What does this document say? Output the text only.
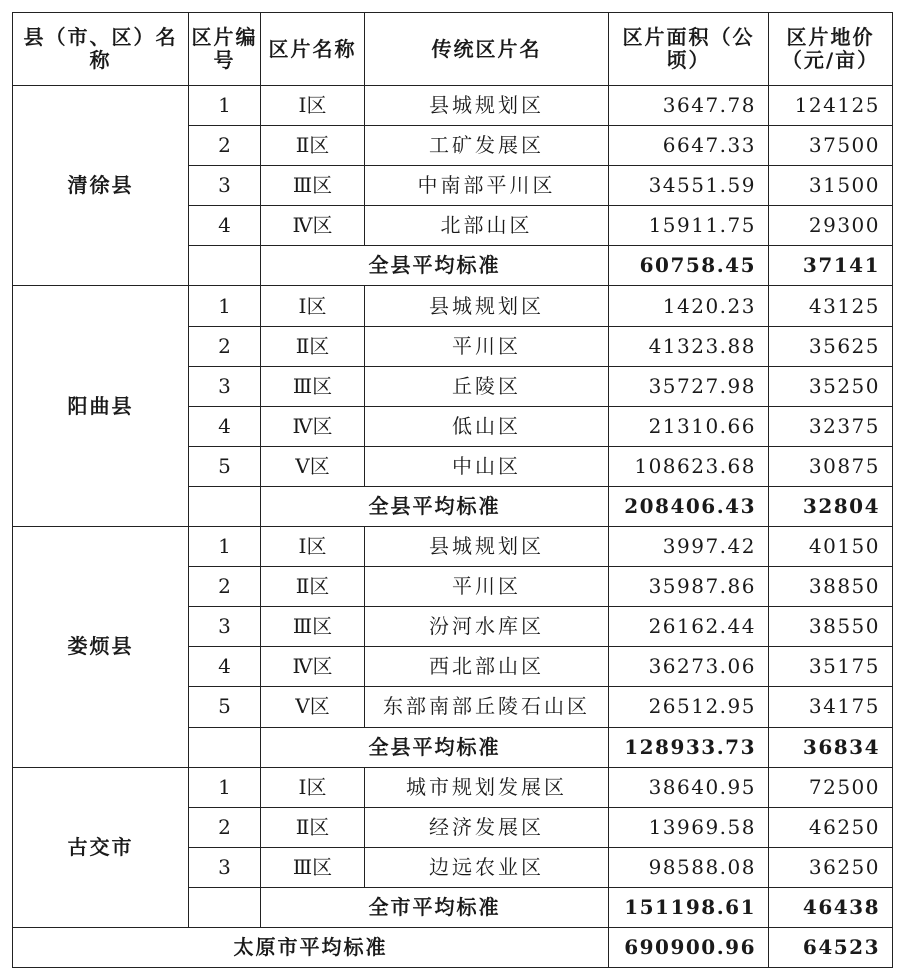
县（市、区）名称	区片编号	区片名称	传统区片名	区片面积（公顷）	区片地价（元/亩）
清徐县	1	Ⅰ区	县城规划区	3647.78	124125
	2	Ⅱ区	工矿发展区	6647.33	37500
	3	Ⅲ区	中南部平川区	34551.59	31500
	4	Ⅳ区	北部山区	15911.75	29300
		全县平均标准		60758.45	37141
阳曲县	1	Ⅰ区	县城规划区	1420.23	43125
	2	Ⅱ区	平川区	41323.88	35625
	3	Ⅲ区	丘陵区	35727.98	35250
	4	Ⅳ区	低山区	21310.66	32375
	5	Ⅴ区	中山区	108623.68	30875
		全县平均标准		208406.43	32804
娄烦县	1	Ⅰ区	县城规划区	3997.42	40150
	2	Ⅱ区	平川区	35987.86	38850
	3	Ⅲ区	汾河水库区	26162.44	38550
	4	Ⅳ区	西北部山区	36273.06	35175
	5	Ⅴ区	东部南部丘陵石山区	26512.95	34175
		全县平均标准		128933.73	36834
古交市	1	Ⅰ区	城市规划发展区	38640.95	72500
	2	Ⅱ区	经济发展区	13969.58	46250
	3	Ⅲ区	边远农业区	98588.08	36250
		全市平均标准		151198.61	46438
太原市平均标准				690900.96	64523
